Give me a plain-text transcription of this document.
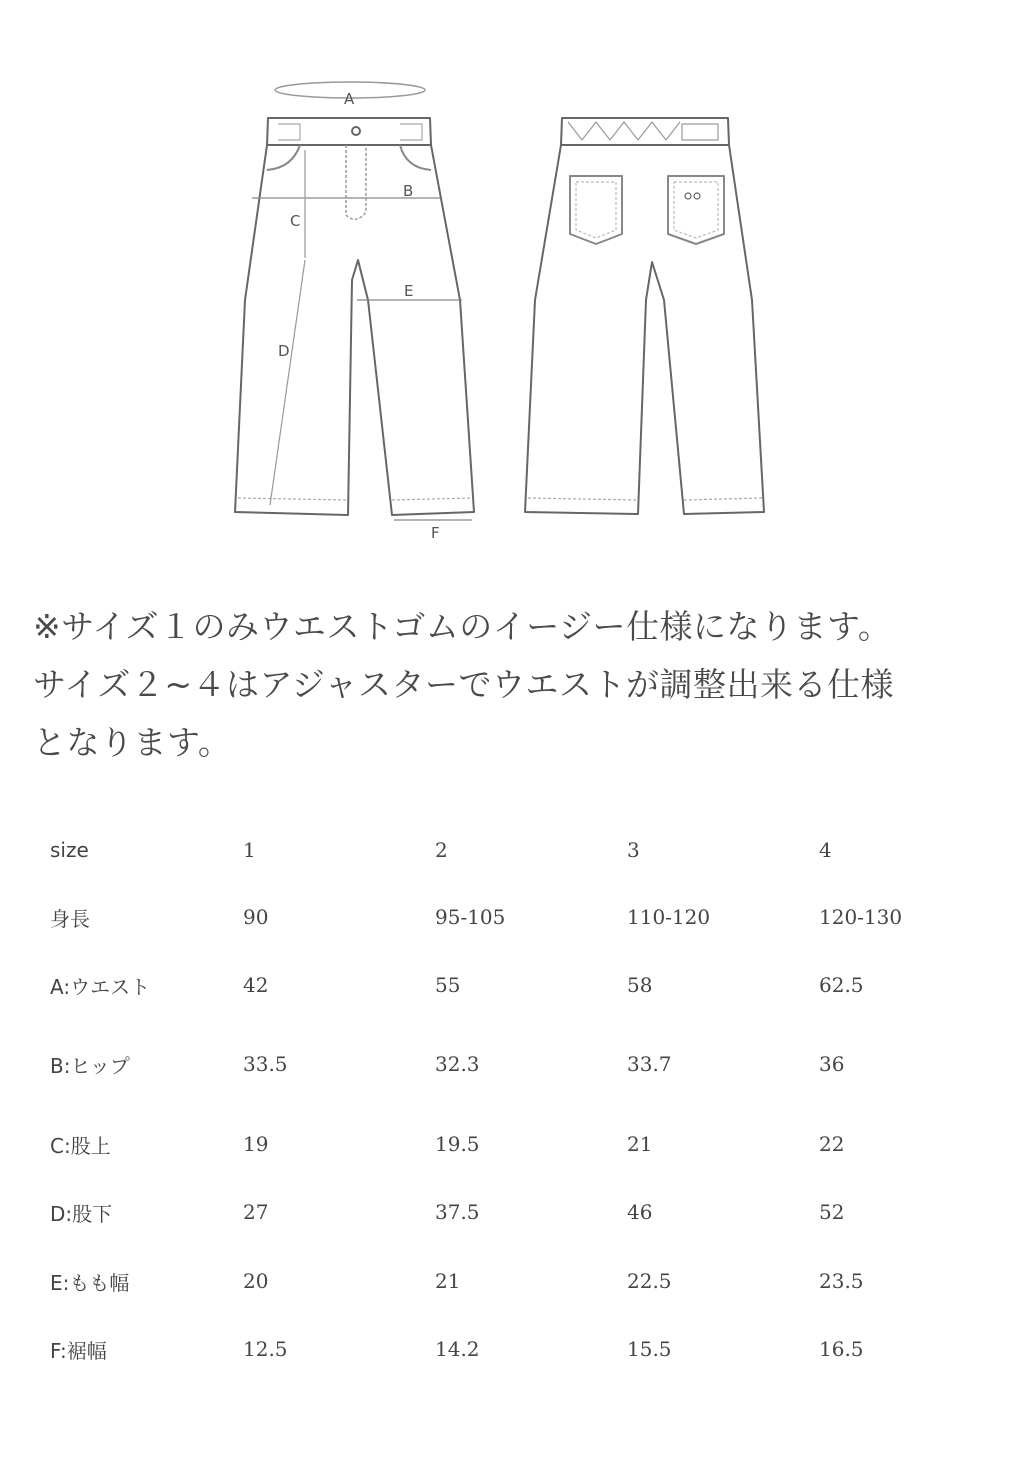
A
B
C
D
E
F
※サイズ１のみウエストゴムのイージー仕様になります。
サイズ２~４はアジャスターでウエストが調整出来る仕様
となります。
size	1	2	3	4
身長	90	95-105	110-120	120-130
A:ウエスト	42	55	58	62.5
B:ヒップ	33.5	32.3	33.7	36
C:股上	19	19.5	21	22
D:股下	27	37.5	46	52
E:もも幅	20	21	22.5	23.5
F:裾幅	12.5	14.2	15.5	16.5
